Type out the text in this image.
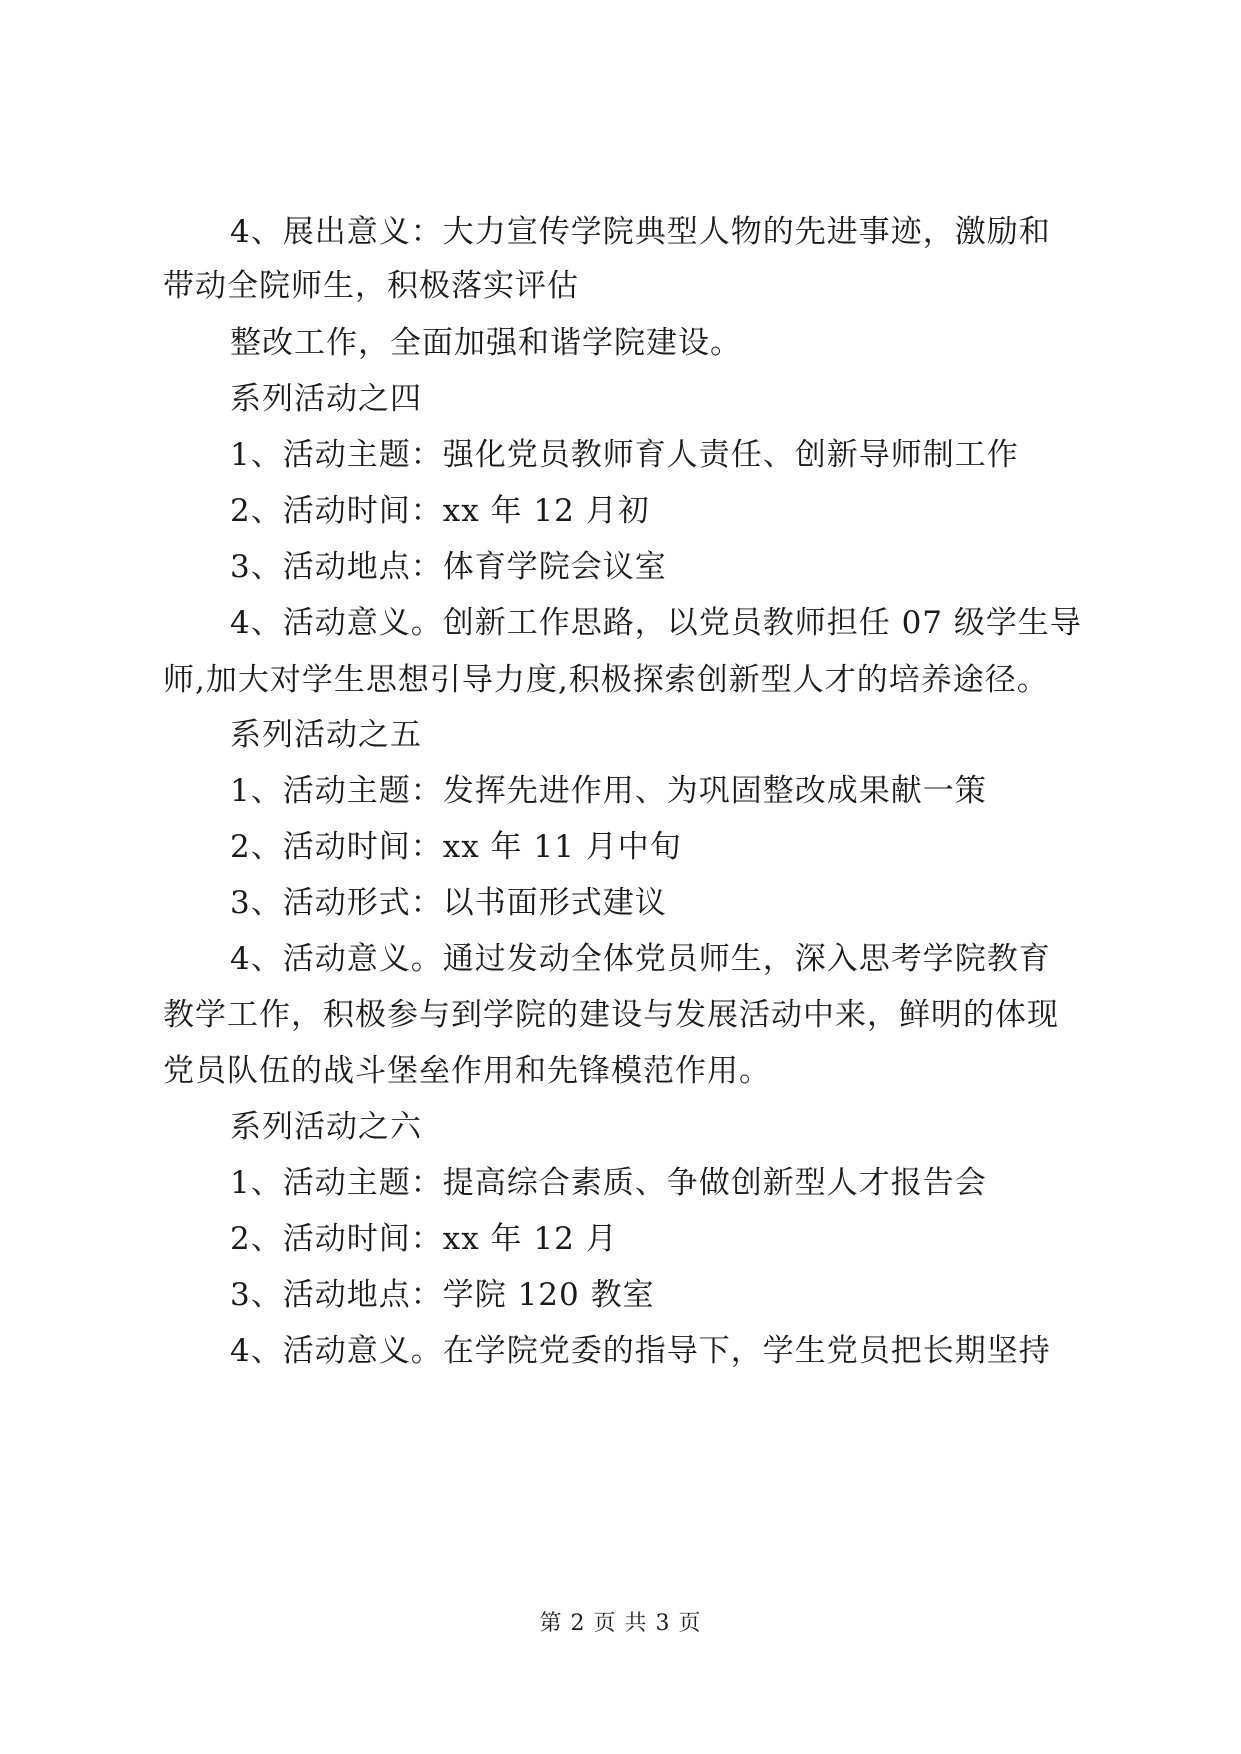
4、展出意义：大力宣传学院典型人物的先进事迹，激励和
带动全院师生，积极落实评估
整改工作，全面加强和谐学院建设。
系列活动之四
1、活动主题：强化党员教师育人责任、创新导师制工作
2、活动时间：xx 年 12 月初
3、活动地点：体育学院会议室
4、活动意义。创新工作思路，以党员教师担任 07 级学生导
师,加大对学生思想引导力度,积极探索创新型人才的培养途径。
系列活动之五
1、活动主题：发挥先进作用、为巩固整改成果献一策
2、活动时间：xx 年 11 月中旬
3、活动形式：以书面形式建议
4、活动意义。通过发动全体党员师生，深入思考学院教育
教学工作，积极参与到学院的建设与发展活动中来，鲜明的体现
党员队伍的战斗堡垒作用和先锋模范作用。
系列活动之六
1、活动主题：提高综合素质、争做创新型人才报告会
2、活动时间：xx 年 12 月
3、活动地点：学院 120 教室
4、活动意义。在学院党委的指导下，学生党员把长期坚持
第 2 页 共 3 页
